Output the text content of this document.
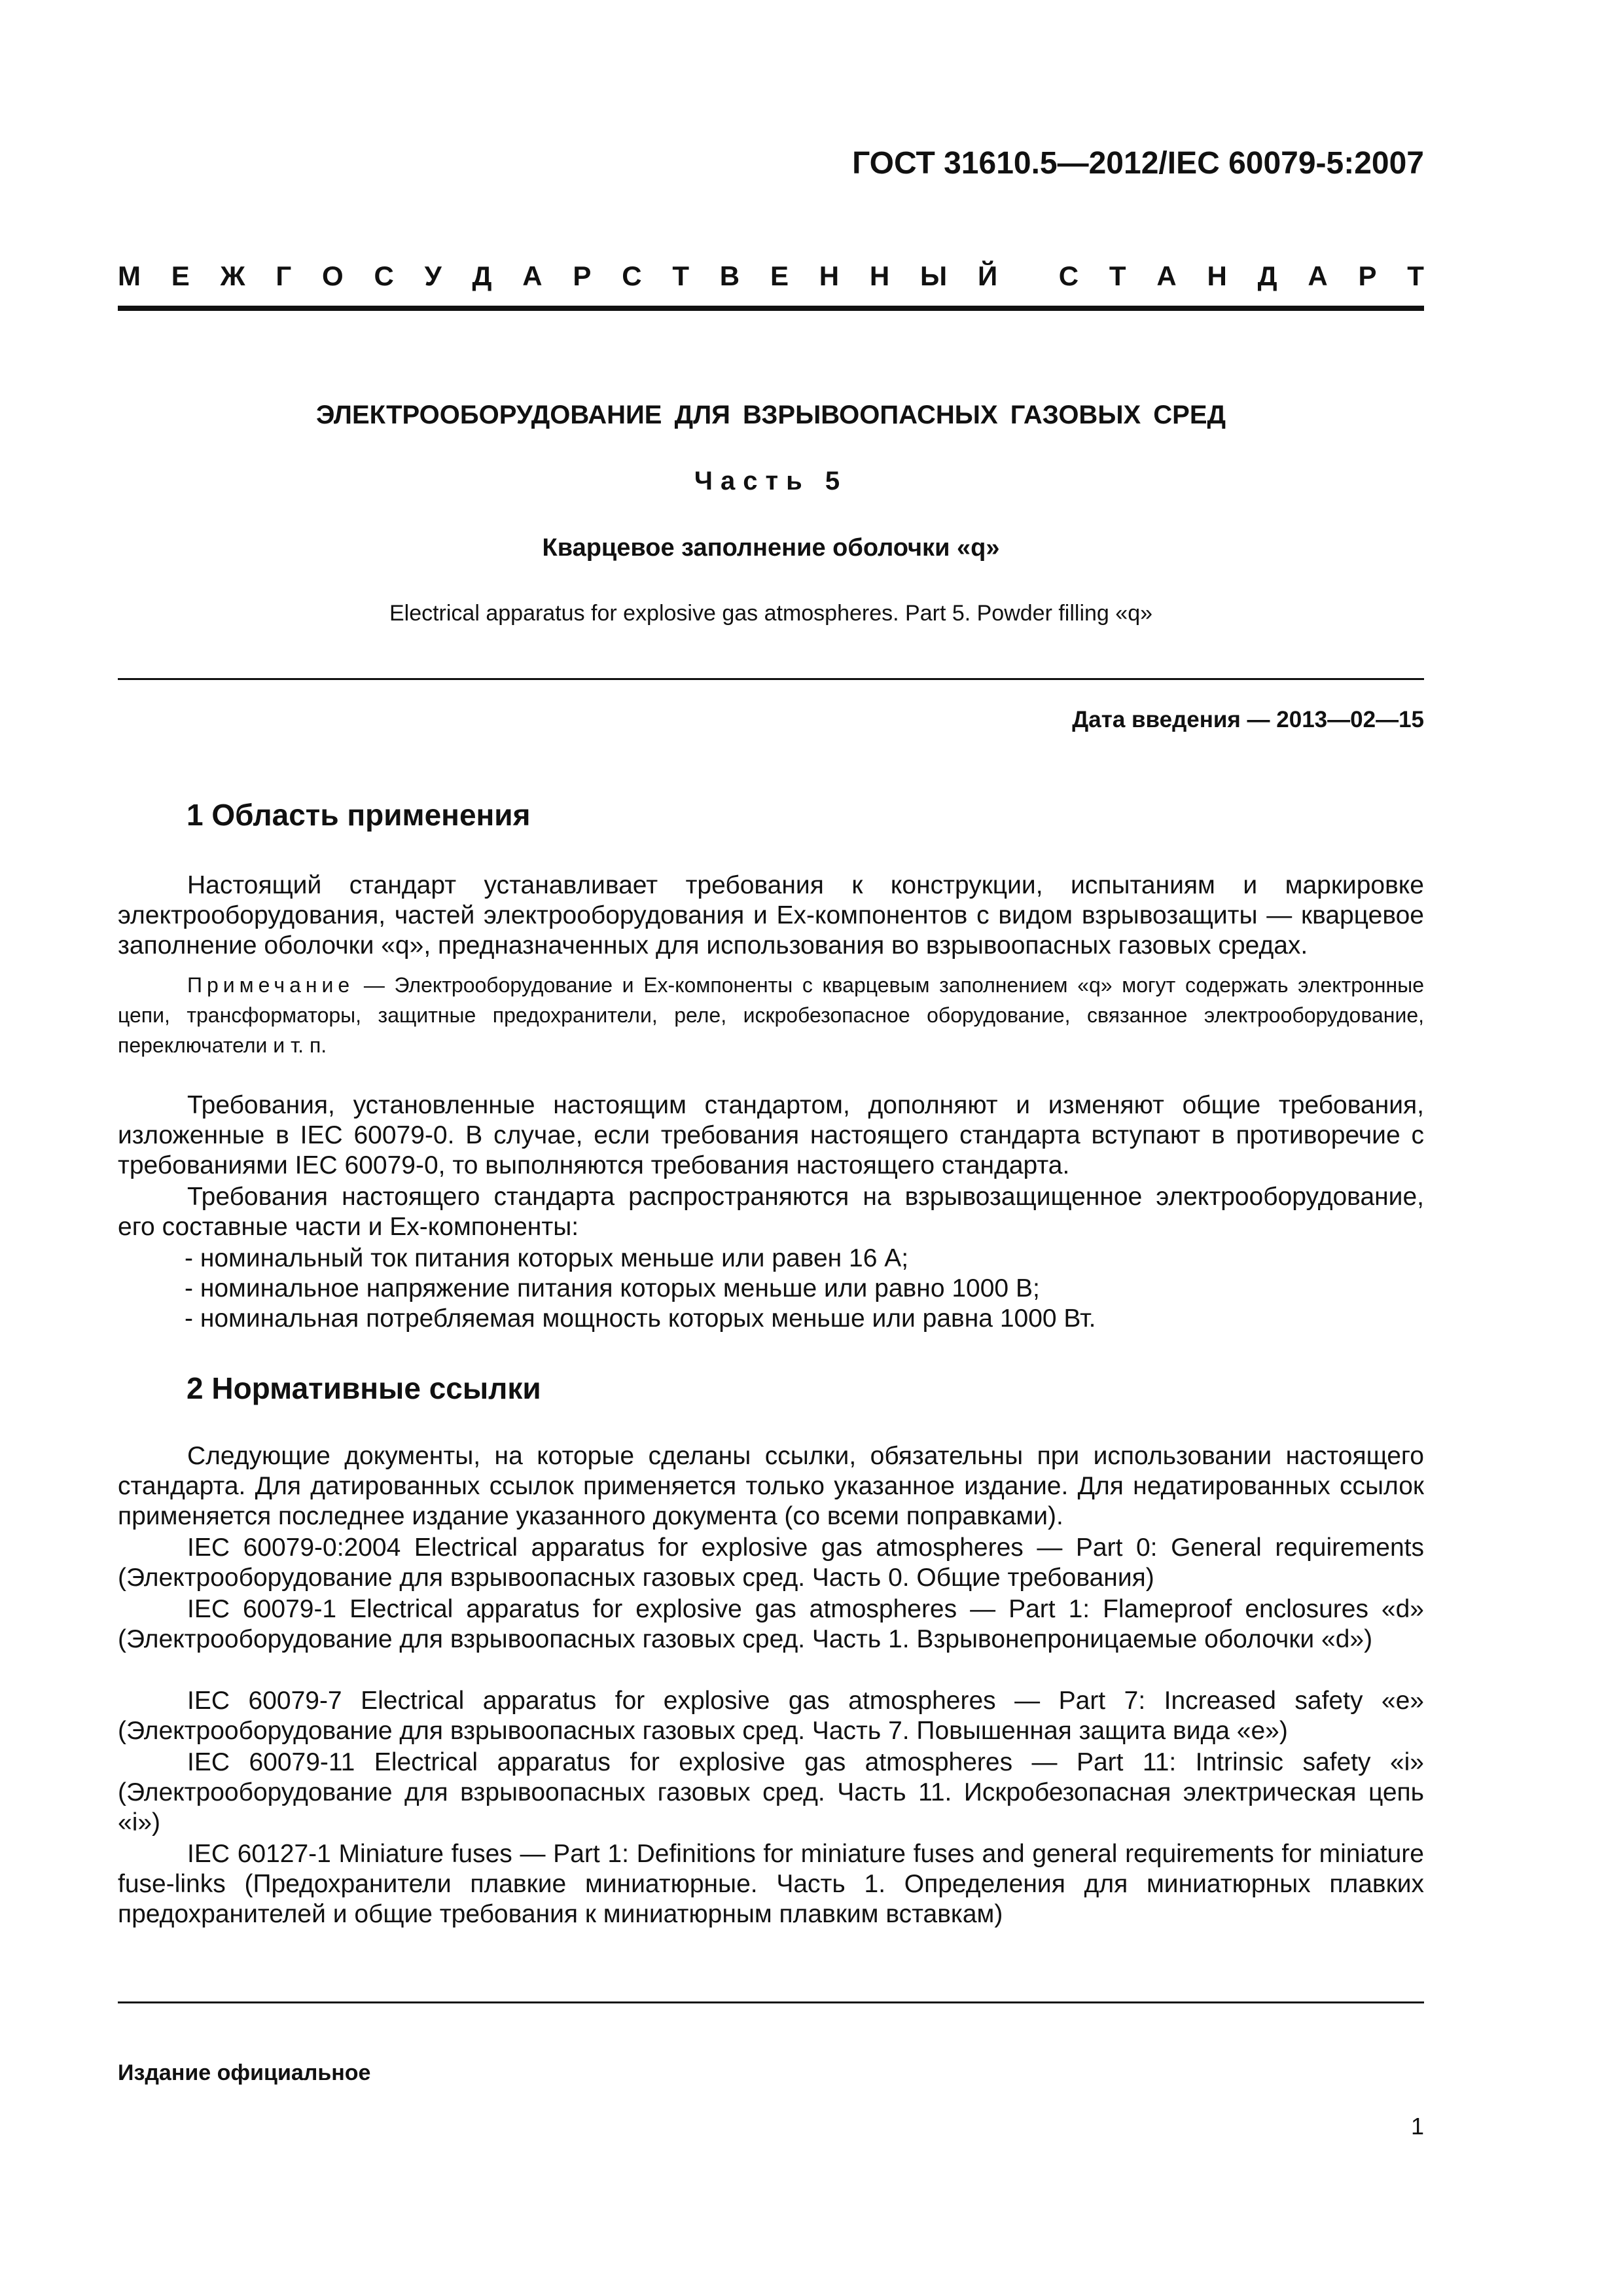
ГОСТ 31610.5—2012/IEC 60079-5:2007
М Е Ж Г О С У Д А Р С Т В Е Н Н Ы Й С Т А Н Д А Р Т
ЭЛЕКТРООБОРУДОВАНИЕ ДЛЯ ВЗРЫВООПАСНЫХ ГАЗОВЫХ СРЕД
Часть 5
Кварцевое заполнение оболочки «q»
Electrical apparatus for explosive gas atmospheres. Part 5. Powder filling «q»
Дата введения — 2013—02—15
1 Область применения
Настоящий стандарт устанавливает требования к конструкции, испытаниям и маркировке электрооборудования, частей электрооборудования и Ex-компонентов с видом взрывозащиты — кварцевое заполнение оболочки «q», предназначенных для использования во взрывоопасных газовых средах.
Примечание — Электрооборудование и Ex-компоненты с кварцевым заполнением «q» могут содержать электронные цепи, трансформаторы, защитные предохранители, реле, искробезопасное оборудование, связанное электрооборудование, переключатели и т. п.
Требования, установленные настоящим стандартом, дополняют и изменяют общие требования, изложенные в IEC 60079-0. В случае, если требования настоящего стандарта вступают в противоречие с требованиями IEC 60079-0, то выполняются требования настоящего стандарта.
Требования настоящего стандарта распространяются на взрывозащищенное электрооборудование, его составные части и Ex-компоненты:
- номинальный ток питания которых меньше или равен 16 А;
- номинальное напряжение питания которых меньше или равно 1000 В;
- номинальная потребляемая мощность которых меньше или равна 1000 Вт.
2 Нормативные ссылки
Следующие документы, на которые сделаны ссылки, обязательны при использовании настоящего стандарта. Для датированных ссылок применяется только указанное издание. Для недатированных ссылок применяется последнее издание указанного документа (со всеми поправками).
IEC 60079-0:2004 Electrical apparatus for explosive gas atmospheres — Part 0: General requirements (Электрооборудование для взрывоопасных газовых сред. Часть 0. Общие требования)
IEC 60079-1 Electrical apparatus for explosive gas atmospheres — Part 1: Flameproof enclosures «d» (Электрооборудование для взрывоопасных газовых сред. Часть 1. Взрывонепроницаемые оболочки «d»)
IEC 60079-7 Electrical apparatus for explosive gas atmospheres — Part 7: Increased safety «e» (Электрооборудование для взрывоопасных газовых сред. Часть 7. Повышенная защита вида «e»)
IEC 60079-11 Electrical apparatus for explosive gas atmospheres — Part 11: Intrinsic safety «i» (Электрооборудование для взрывоопасных газовых сред. Часть 11. Искробезопасная электрическая цепь «i»)
IEC 60127-1 Miniature fuses — Part 1: Definitions for miniature fuses and general requirements for miniature fuse-links (Предохранители плавкие миниатюрные. Часть 1. Определения для миниатюрных плавких предохранителей и общие требования к миниатюрным плавким вставкам)
Издание официальное
1
